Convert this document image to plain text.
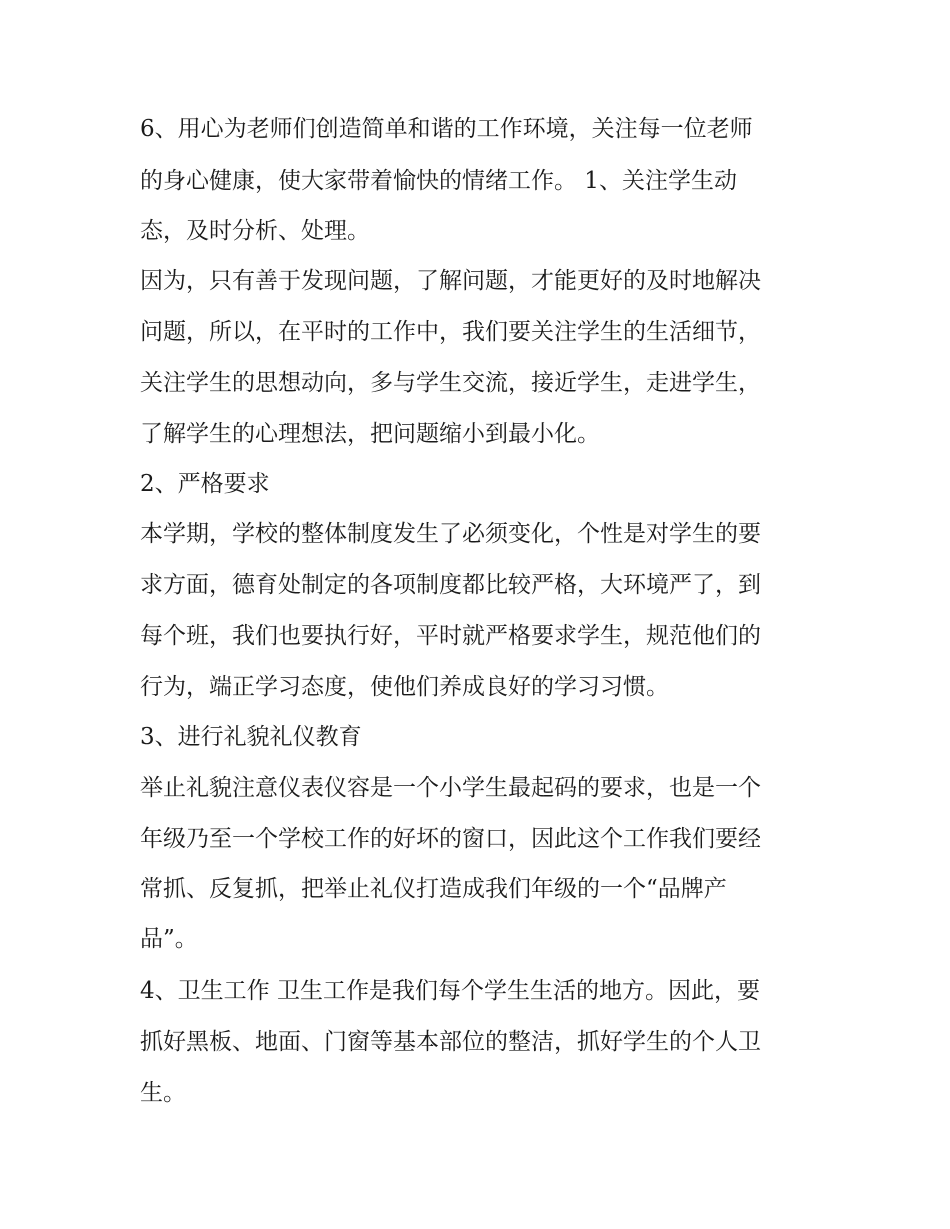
6、用心为老师们创造简单和谐的工作环境，关注每一位老师
的身心健康，使大家带着愉快的情绪工作。 1、关注学生动
态，及时分析、处理。
因为，只有善于发现问题，了解问题，才能更好的及时地解决
问题，所以，在平时的工作中，我们要关注学生的生活细节，
关注学生的思想动向，多与学生交流，接近学生，走进学生，
了解学生的心理想法，把问题缩小到最小化。
2、严格要求
本学期，学校的整体制度发生了必须变化，个性是对学生的要
求方面，德育处制定的各项制度都比较严格，大环境严了，到
每个班，我们也要执行好，平时就严格要求学生，规范他们的
行为，端正学习态度，使他们养成良好的学习习惯。
3、进行礼貌礼仪教育
举止礼貌注意仪表仪容是一个小学生最起码的要求，也是一个
年级乃至一个学校工作的好坏的窗口，因此这个工作我们要经
常抓、反复抓，把举止礼仪打造成我们年级的一个“品牌产
品”。
4、卫生工作 卫生工作是我们每个学生生活的地方。因此，要
抓好黑板、地面、门窗等基本部位的整洁，抓好学生的个人卫
生。
